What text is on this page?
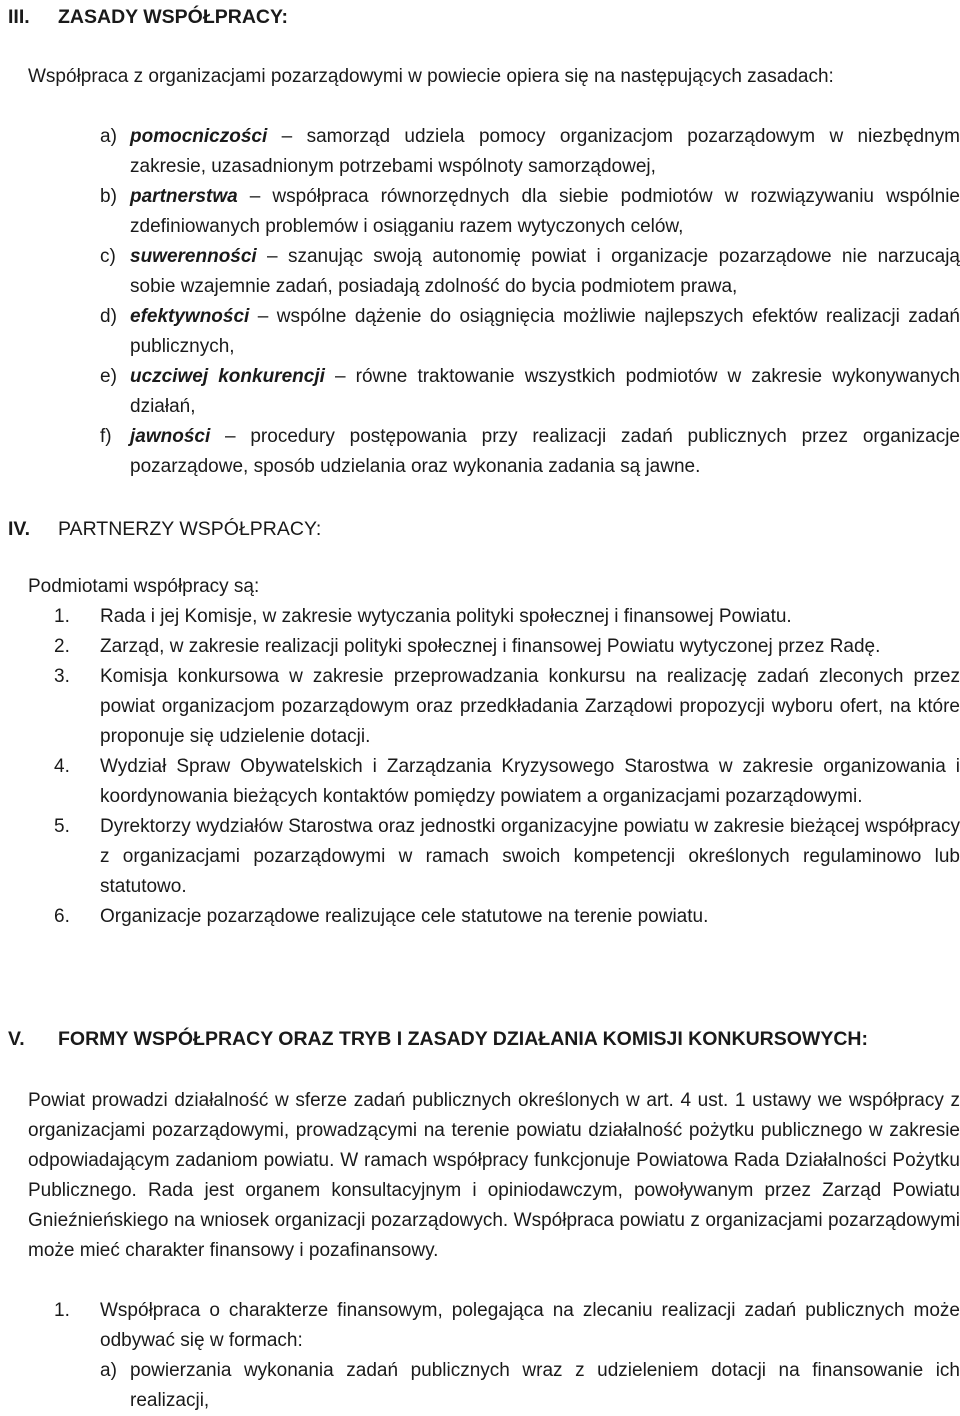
III. ZASADY WSPÓŁPRACY:

Współpraca z organizacjami pozarządowymi w powiecie opiera się na następujących zasadach:

a) pomocniczości – samorząd udziela pomocy organizacjom pozarządowym w niezbędnym zakresie, uzasadnionym potrzebami wspólnoty samorządowej,
b) partnerstwa – współpraca równorzędnych dla siebie podmiotów w rozwiązywaniu wspólnie zdefiniowanych problemów i osiąganiu razem wytyczonych celów,
c) suwerenności – szanując swoją autonomię powiat i organizacje pozarządowe nie narzucają sobie wzajemnie zadań, posiadają zdolność do bycia podmiotem prawa,
d) efektywności – wspólne dążenie do osiągnięcia możliwie najlepszych efektów realizacji zadań publicznych,
e) uczciwej konkurencji – równe traktowanie wszystkich podmiotów w zakresie wykonywanych działań,
f) jawności – procedury postępowania przy realizacji zadań publicznych przez organizacje pozarządowe, sposób udzielania oraz wykonania zadania są jawne.
IV. PARTNERZY WSPÓŁPRACY:

Podmiotami współpracy są:

1. Rada i jej Komisje, w zakresie wytyczania polityki społecznej i finansowej Powiatu.
2. Zarząd, w zakresie realizacji polityki społecznej i finansowej Powiatu wytyczonej przez Radę.
3. Komisja konkursowa w zakresie przeprowadzania konkursu na realizację zadań zleconych przez powiat organizacjom pozarządowym oraz przedkładania Zarządowi propozycji wyboru ofert, na które proponuje się udzielenie dotacji.
4. Wydział Spraw Obywatelskich i Zarządzania Kryzysowego Starostwa w zakresie organizowania i koordynowania bieżących kontaktów pomiędzy powiatem a organizacjami pozarządowymi.
5. Dyrektorzy wydziałów Starostwa oraz jednostki organizacyjne powiatu w zakresie bieżącej współpracy z organizacjami pozarządowymi w ramach swoich kompetencji określonych regulaminowo lub statutowo.
6. Organizacje pozarządowe realizujące cele statutowe na terenie powiatu.
V. FORMY WSPÓŁPRACY ORAZ TRYB I ZASADY DZIAŁANIA KOMISJI KONKURSOWYCH:

Powiat prowadzi działalność w sferze zadań publicznych określonych w art. 4 ust. 1 ustawy we współpracy z organizacjami pozarządowymi, prowadzącymi na terenie powiatu działalność pożytku publicznego w zakresie odpowiadającym zadaniom powiatu. W ramach współpracy funkcjonuje Powiatowa Rada Działalności Pożytku Publicznego. Rada jest organem konsultacyjnym i opiniodawczym, powoływanym przez Zarząd Powiatu Gnieźnieńskiego na wniosek organizacji pozarządowych. Współpraca powiatu z organizacjami pozarządowymi może mieć charakter finansowy i pozafinansowy.

1. Współpraca o charakterze finansowym, polegająca na zlecaniu realizacji zadań publicznych może odbywać się w formach:
a) powierzania wykonania zadań publicznych wraz z udzieleniem dotacji na finansowanie ich realizacji,
